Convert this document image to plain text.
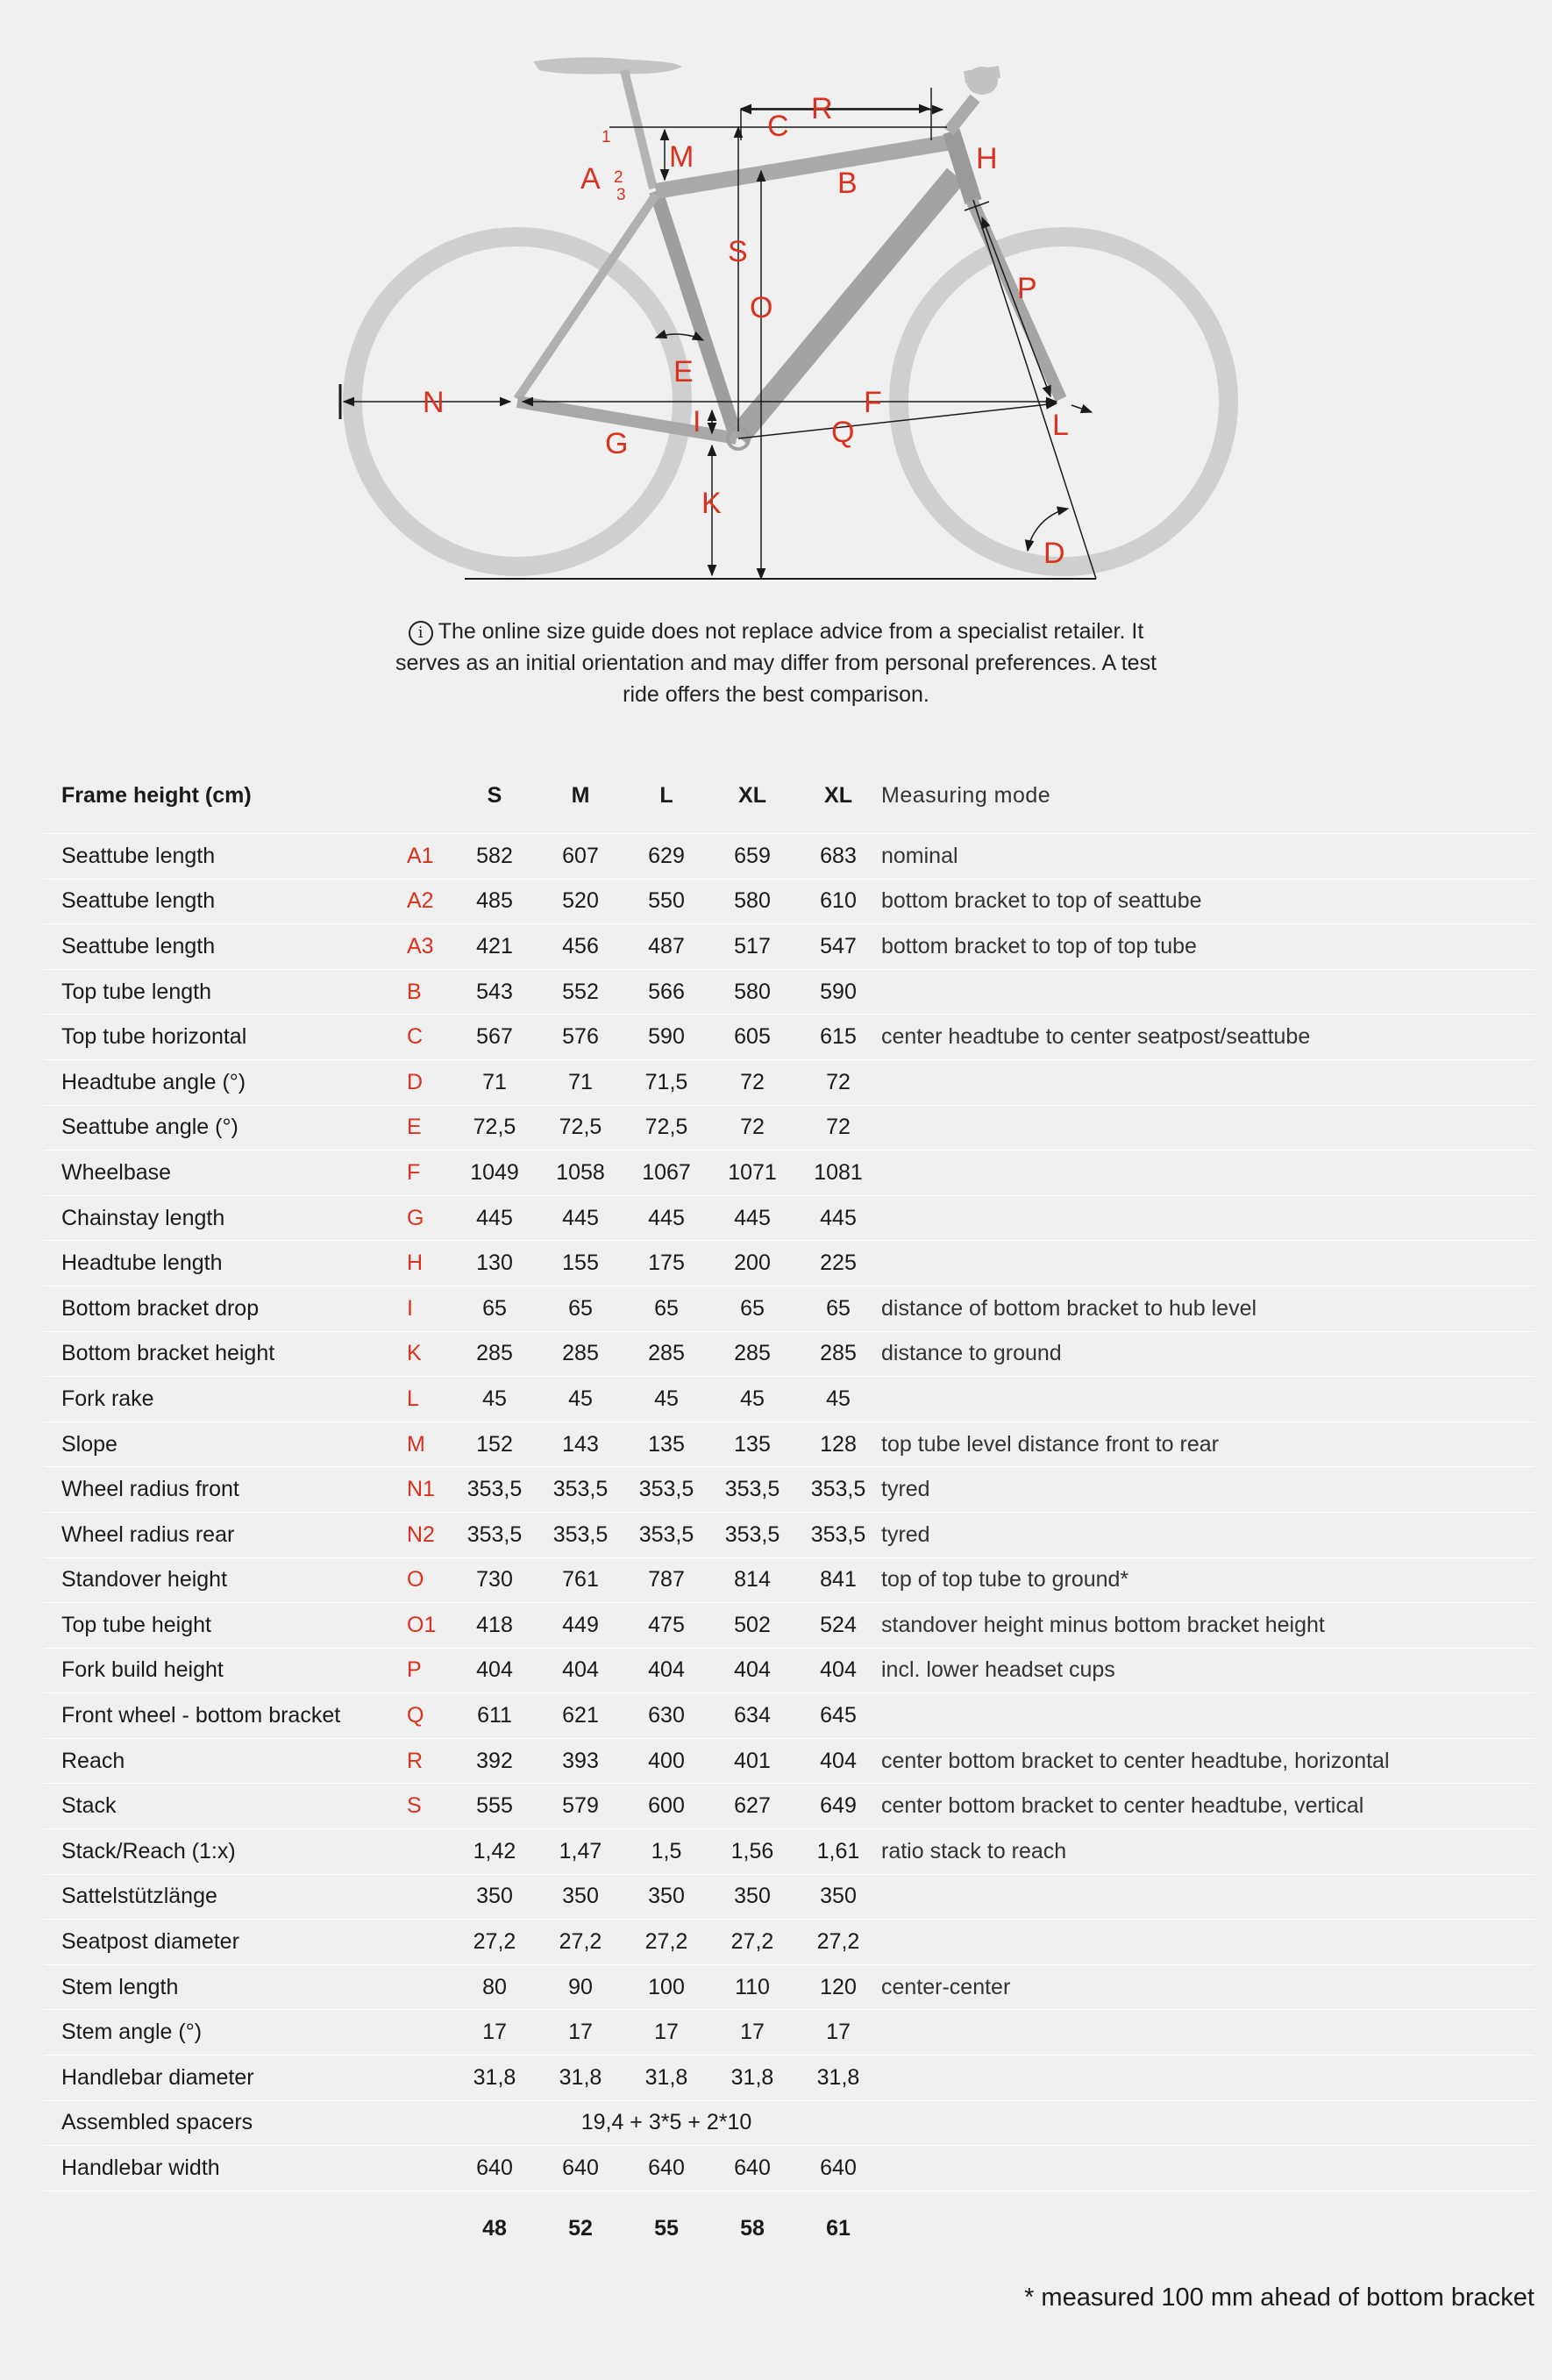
A
1
2
3
M
C
R
H
B
S
O
P
E
N	F
I	Q	L
G
K
D
i The online size guide does not replace advice from a specialist retailer. It serves as an initial orientation and may differ from personal preferences. A test ride offers the best comparison.
Frame height (cm)		S	M	L	XL	XL	Measuring mode
Seattube length	A1	582	607	629	659	683	nominal
Seattube length	A2	485	520	550	580	610	bottom bracket to top of seattube
Seattube length	A3	421	456	487	517	547	bottom bracket to top of top tube
Top tube length	B	543	552	566	580	590	
Top tube horizontal	C	567	576	590	605	615	center headtube to center seatpost/seattube
Headtube angle (°)	D	71	71	71,5	72	72	
Seattube angle (°)	E	72,5	72,5	72,5	72	72	
Wheelbase	F	1049	1058	1067	1071	1081	
Chainstay length	G	445	445	445	445	445	
Headtube length	H	130	155	175	200	225	
Bottom bracket drop	I	65	65	65	65	65	distance of bottom bracket to hub level
Bottom bracket height	K	285	285	285	285	285	distance to ground
Fork rake	L	45	45	45	45	45	
Slope	M	152	143	135	135	128	top tube level distance front to rear
Wheel radius front	N1	353,5	353,5	353,5	353,5	353,5	tyred
Wheel radius rear	N2	353,5	353,5	353,5	353,5	353,5	tyred
Standover height	O	730	761	787	814	841	top of top tube to ground*
Top tube height	O1	418	449	475	502	524	standover height minus bottom bracket height
Fork build height	P	404	404	404	404	404	incl. lower headset cups
Front wheel - bottom bracket	Q	611	621	630	634	645	
Reach	R	392	393	400	401	404	center bottom bracket to center headtube, horizontal
Stack	S	555	579	600	627	649	center bottom bracket to center headtube, vertical
Stack/Reach (1:x)		1,42	1,47	1,5	1,56	1,61	ratio stack to reach
Sattelstützlänge		350	350	350	350	350	
Seatpost diameter		27,2	27,2	27,2	27,2	27,2	
Stem length		80	90	100	110	120	center-center
Stem angle (°)		17	17	17	17	17	
Handlebar diameter		31,8	31,8	31,8	31,8	31,8	
Assembled spacers		19,4 + 3*5 + 2*10					
Handlebar width		640	640	640	640	640	
		48	52	55	58	61	
* measured 100 mm ahead of bottom bracket
